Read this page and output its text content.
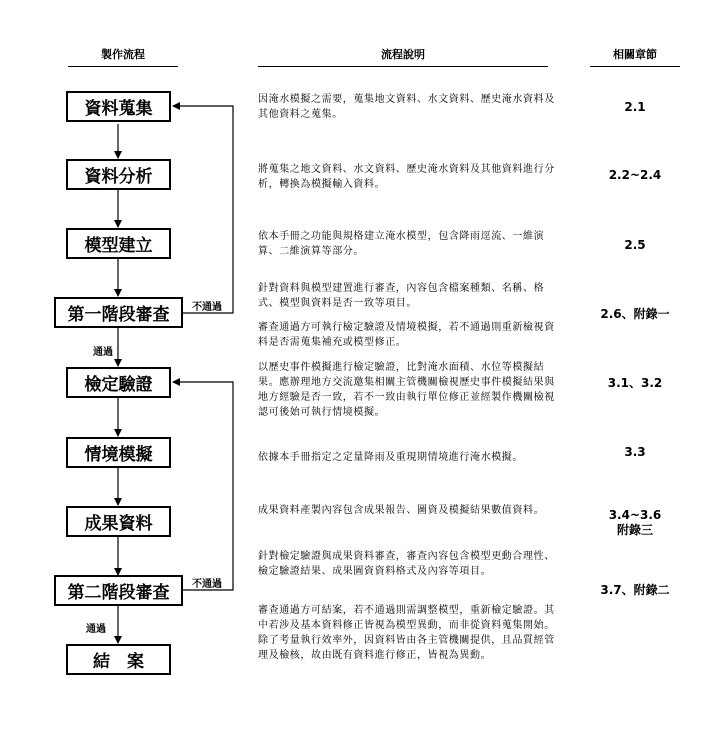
製作流程	流程說明	相關章節
資料蒐集
資料分析
模型建立
第一階段審查
檢定驗證
情境模擬
成果資料
第二階段審查
結　案
不通過
通過
不通過
通過
因淹水模擬之需要，蒐集地文資料、水文資料、歷史淹水資料及其他資料之蒐集。
將蒐集之地文資料、水文資料、歷史淹水資料及其他資料進行分析，轉換為模擬輸入資料。
依本手冊之功能與規格建立淹水模型，包含降雨逕流、一維演算、二維演算等部分。
針對資料與模型建置進行審查，內容包含檔案種類、名稱、格式、模型與資料是否一致等項目。
審查通過方可執行檢定驗證及情境模擬，若不通過則重新檢視資料是否需蒐集補充或模型修正。
以歷史事件模擬進行檢定驗證，比對淹水面積、水位等模擬結果。應辦理地方交流邀集相關主管機關檢視歷史事件模擬結果與地方經驗是否一致，若不一致由執行單位修正並經製作機關檢視認可後始可執行情境模擬。
依據本手冊指定之定量降雨及重現期情境進行淹水模擬。
成果資料產製內容包含成果報告、圖資及模擬結果數值資料。
針對檢定驗證與成果資料審查，審查內容包含模型更動合理性、檢定驗證結果、成果圖資資料格式及內容等項目。
審查通過方可結案，若不通過則需調整模型，重新檢定驗證。其中若涉及基本資料修正皆視為模型異動，而非從資料蒐集開始。除了考量執行效率外，因資料皆由各主管機關提供，且品質經管理及檢核，故由既有資料進行修正，皆視為異動。
2.1
2.2~2.4
2.5
2.6、附錄一
3.1、3.2
3.3
3.4~3.6
附錄三
3.7、附錄二
